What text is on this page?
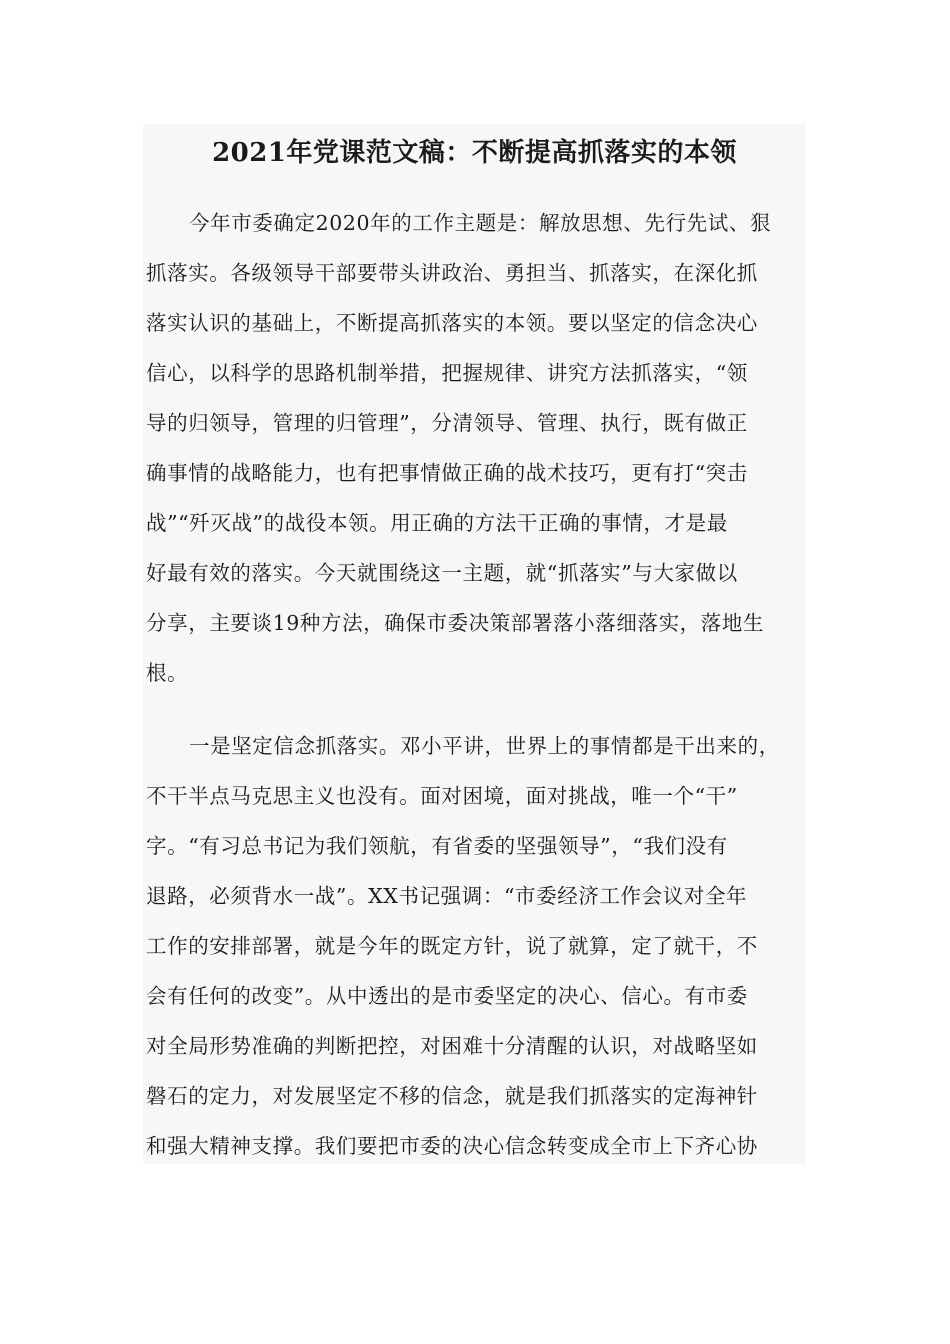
2021年党课范文稿：不断提高抓落实的本领
今年市委确定2020年的工作主题是：解放思想、先行先试、狠
抓落实。各级领导干部要带头讲政治、勇担当、抓落实，在深化抓
落实认识的基础上，不断提高抓落实的本领。要以坚定的信念决心
信心，以科学的思路机制举措，把握规律、讲究方法抓落实，“领
导的归领导，管理的归管理”，分清领导、管理、执行，既有做正
确事情的战略能力，也有把事情做正确的战术技巧，更有打“突击
战”“歼灭战”的战役本领。用正确的方法干正确的事情，才是最
好最有效的落实。今天就围绕这一主题，就“抓落实”与大家做以
分享，主要谈19种方法，确保市委决策部署落小落细落实，落地生
根。
一是坚定信念抓落实。邓小平讲，世界上的事情都是干出来的，
不干半点马克思主义也没有。面对困境，面对挑战，唯一个“干”
字。“有习总书记为我们领航，有省委的坚强领导”，“我们没有
退路，必须背水一战”。XX书记强调：“市委经济工作会议对全年
工作的安排部署，就是今年的既定方针，说了就算，定了就干，不
会有任何的改变”。从中透出的是市委坚定的决心、信心。有市委
对全局形势准确的判断把控，对困难十分清醒的认识，对战略坚如
磐石的定力，对发展坚定不移的信念，就是我们抓落实的定海神针
和强大精神支撑。我们要把市委的决心信念转变成全市上下齐心协
